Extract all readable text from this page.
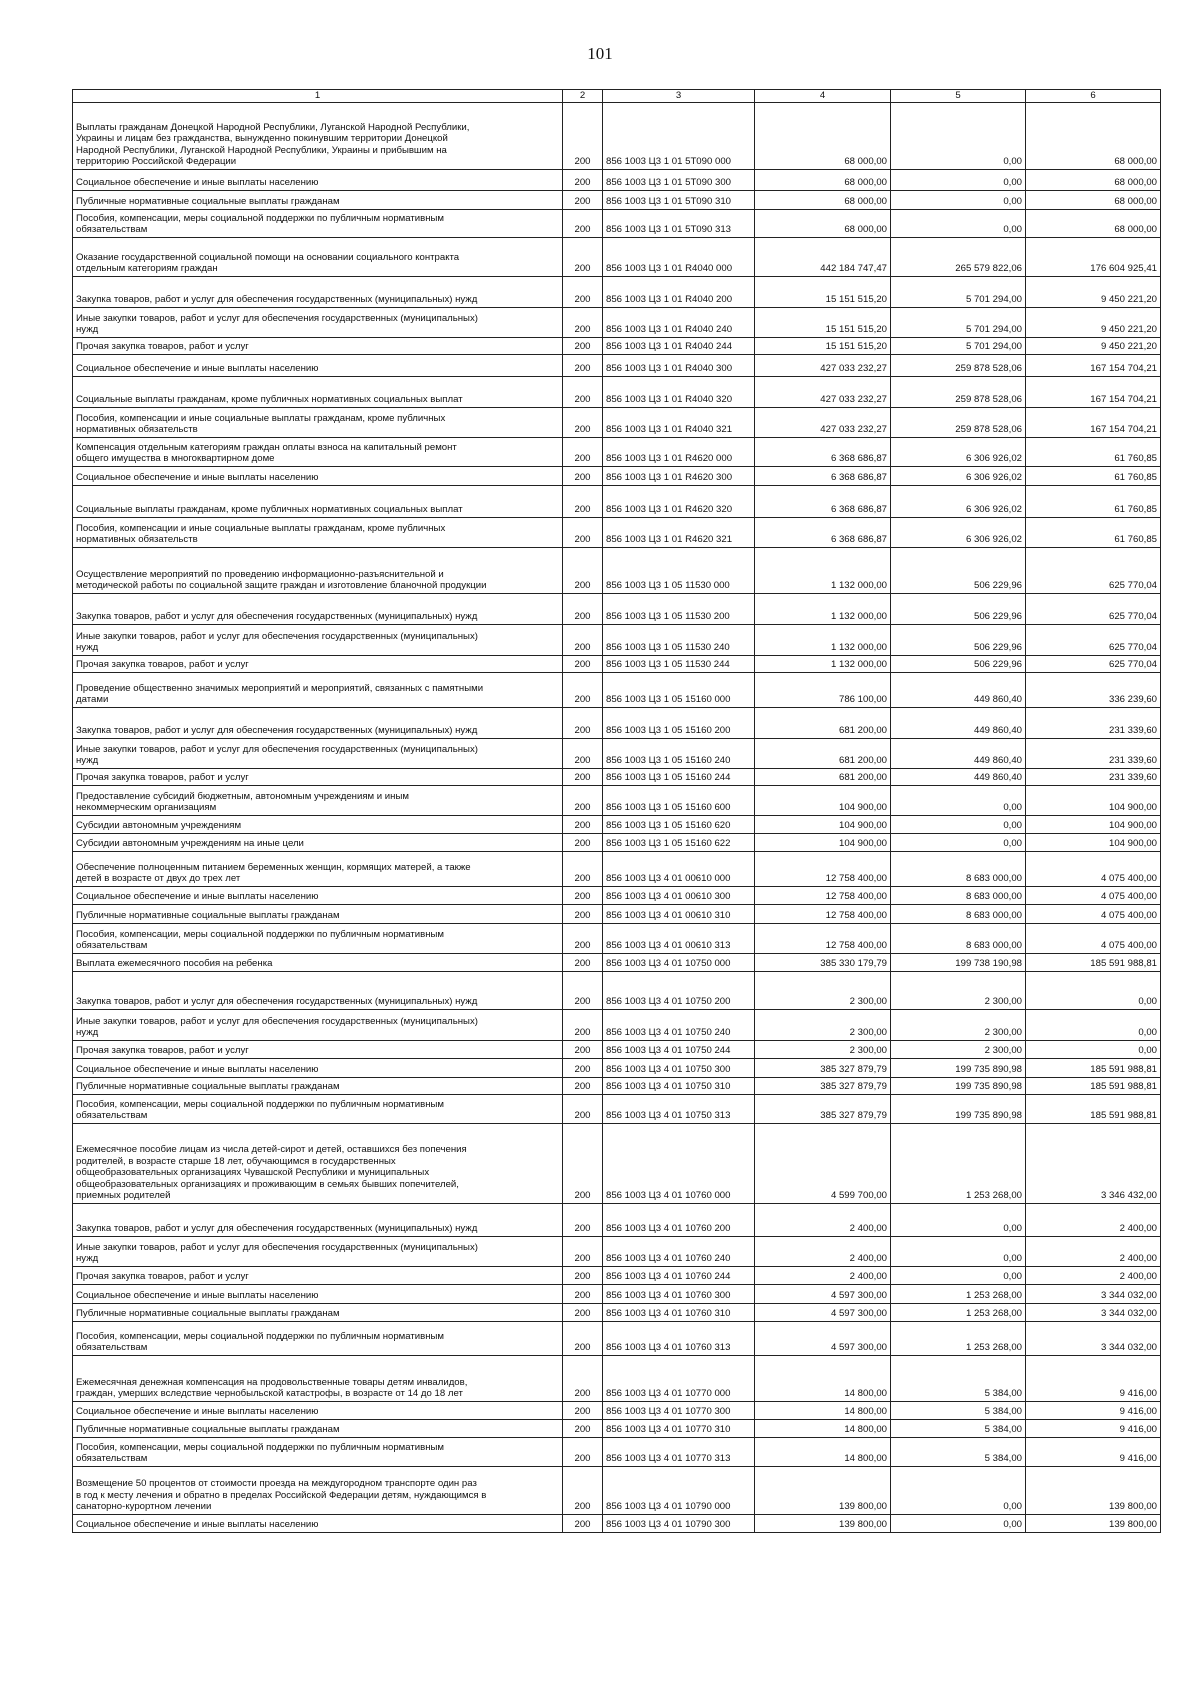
101
1	2	3	4	5	6
Выплаты гражданам Донецкой Народной Республики, Луганской Народной Республики,
Украины и лицам без гражданства, вынужденно покинувшим территории Донецкой
Народной Республики, Луганской Народной Республики, Украины и прибывшим на
территорию Российской Федерации	200	856 1003 Ц3 1 01 5Т090 000	68 000,00	0,00	68 000,00
Социальное обеспечение и иные выплаты населению	200	856 1003 Ц3 1 01 5Т090 300	68 000,00	0,00	68 000,00
Публичные нормативные социальные выплаты гражданам	200	856 1003 Ц3 1 01 5Т090 310	68 000,00	0,00	68 000,00
Пособия, компенсации, меры социальной поддержки по публичным нормативным
обязательствам	200	856 1003 Ц3 1 01 5Т090 313	68 000,00	0,00	68 000,00
Оказание государственной социальной помощи на основании социального контракта
отдельным категориям граждан	200	856 1003 Ц3 1 01 R4040 000	442 184 747,47	265 579 822,06	176 604 925,41
Закупка товаров, работ и услуг для обеспечения государственных (муниципальных) нужд	200	856 1003 Ц3 1 01 R4040 200	15 151 515,20	5 701 294,00	9 450 221,20
Иные закупки товаров, работ и услуг для обеспечения государственных (муниципальных)
нужд	200	856 1003 Ц3 1 01 R4040 240	15 151 515,20	5 701 294,00	9 450 221,20
Прочая закупка товаров, работ и услуг	200	856 1003 Ц3 1 01 R4040 244	15 151 515,20	5 701 294,00	9 450 221,20
Социальное обеспечение и иные выплаты населению	200	856 1003 Ц3 1 01 R4040 300	427 033 232,27	259 878 528,06	167 154 704,21
Социальные выплаты гражданам, кроме публичных нормативных социальных выплат	200	856 1003 Ц3 1 01 R4040 320	427 033 232,27	259 878 528,06	167 154 704,21
Пособия, компенсации и иные социальные выплаты гражданам, кроме публичных
нормативных обязательств	200	856 1003 Ц3 1 01 R4040 321	427 033 232,27	259 878 528,06	167 154 704,21
Компенсация отдельным категориям граждан оплаты взноса на капитальный ремонт
общего имущества в многоквартирном доме	200	856 1003 Ц3 1 01 R4620 000	6 368 686,87	6 306 926,02	61 760,85
Социальное обеспечение и иные выплаты населению	200	856 1003 Ц3 1 01 R4620 300	6 368 686,87	6 306 926,02	61 760,85
Социальные выплаты гражданам, кроме публичных нормативных социальных выплат	200	856 1003 Ц3 1 01 R4620 320	6 368 686,87	6 306 926,02	61 760,85
Пособия, компенсации и иные социальные выплаты гражданам, кроме публичных
нормативных обязательств	200	856 1003 Ц3 1 01 R4620 321	6 368 686,87	6 306 926,02	61 760,85
Осуществление мероприятий по проведению информационно-разъяснительной и
методической работы по социальной защите граждан и изготовление бланочной продукции	200	856 1003 Ц3 1 05 11530 000	1 132 000,00	506 229,96	625 770,04
Закупка товаров, работ и услуг для обеспечения государственных (муниципальных) нужд	200	856 1003 Ц3 1 05 11530 200	1 132 000,00	506 229,96	625 770,04
Иные закупки товаров, работ и услуг для обеспечения государственных (муниципальных)
нужд	200	856 1003 Ц3 1 05 11530 240	1 132 000,00	506 229,96	625 770,04
Прочая закупка товаров, работ и услуг	200	856 1003 Ц3 1 05 11530 244	1 132 000,00	506 229,96	625 770,04
Проведение общественно значимых мероприятий и мероприятий, связанных с памятными
датами	200	856 1003 Ц3 1 05 15160 000	786 100,00	449 860,40	336 239,60
Закупка товаров, работ и услуг для обеспечения государственных (муниципальных) нужд	200	856 1003 Ц3 1 05 15160 200	681 200,00	449 860,40	231 339,60
Иные закупки товаров, работ и услуг для обеспечения государственных (муниципальных)
нужд	200	856 1003 Ц3 1 05 15160 240	681 200,00	449 860,40	231 339,60
Прочая закупка товаров, работ и услуг	200	856 1003 Ц3 1 05 15160 244	681 200,00	449 860,40	231 339,60
Предоставление субсидий бюджетным, автономным учреждениям и иным
некоммерческим организациям	200	856 1003 Ц3 1 05 15160 600	104 900,00	0,00	104 900,00
Субсидии автономным учреждениям	200	856 1003 Ц3 1 05 15160 620	104 900,00	0,00	104 900,00
Субсидии автономным учреждениям на иные цели	200	856 1003 Ц3 1 05 15160 622	104 900,00	0,00	104 900,00
Обеспечение полноценным питанием беременных женщин, кормящих матерей, а также
детей в возрасте от двух до трех лет	200	856 1003 Ц3 4 01 00610 000	12 758 400,00	8 683 000,00	4 075 400,00
Социальное обеспечение и иные выплаты населению	200	856 1003 Ц3 4 01 00610 300	12 758 400,00	8 683 000,00	4 075 400,00
Публичные нормативные социальные выплаты гражданам	200	856 1003 Ц3 4 01 00610 310	12 758 400,00	8 683 000,00	4 075 400,00
Пособия, компенсации, меры социальной поддержки по публичным нормативным
обязательствам	200	856 1003 Ц3 4 01 00610 313	12 758 400,00	8 683 000,00	4 075 400,00
Выплата ежемесячного пособия на ребенка	200	856 1003 Ц3 4 01 10750 000	385 330 179,79	199 738 190,98	185 591 988,81
Закупка товаров, работ и услуг для обеспечения государственных (муниципальных) нужд	200	856 1003 Ц3 4 01 10750 200	2 300,00	2 300,00	0,00
Иные закупки товаров, работ и услуг для обеспечения государственных (муниципальных)
нужд	200	856 1003 Ц3 4 01 10750 240	2 300,00	2 300,00	0,00
Прочая закупка товаров, работ и услуг	200	856 1003 Ц3 4 01 10750 244	2 300,00	2 300,00	0,00
Социальное обеспечение и иные выплаты населению	200	856 1003 Ц3 4 01 10750 300	385 327 879,79	199 735 890,98	185 591 988,81
Публичные нормативные социальные выплаты гражданам	200	856 1003 Ц3 4 01 10750 310	385 327 879,79	199 735 890,98	185 591 988,81
Пособия, компенсации, меры социальной поддержки по публичным нормативным
обязательствам	200	856 1003 Ц3 4 01 10750 313	385 327 879,79	199 735 890,98	185 591 988,81
Ежемесячное пособие лицам из числа детей-сирот и детей, оставшихся без попечения
родителей, в возрасте старше 18 лет, обучающимся в государственных
общеобразовательных организациях Чувашской Республики и муниципальных
общеобразовательных организациях и проживающим в семьях бывших попечителей,
приемных родителей	200	856 1003 Ц3 4 01 10760 000	4 599 700,00	1 253 268,00	3 346 432,00
Закупка товаров, работ и услуг для обеспечения государственных (муниципальных) нужд	200	856 1003 Ц3 4 01 10760 200	2 400,00	0,00	2 400,00
Иные закупки товаров, работ и услуг для обеспечения государственных (муниципальных)
нужд	200	856 1003 Ц3 4 01 10760 240	2 400,00	0,00	2 400,00
Прочая закупка товаров, работ и услуг	200	856 1003 Ц3 4 01 10760 244	2 400,00	0,00	2 400,00
Социальное обеспечение и иные выплаты населению	200	856 1003 Ц3 4 01 10760 300	4 597 300,00	1 253 268,00	3 344 032,00
Публичные нормативные социальные выплаты гражданам	200	856 1003 Ц3 4 01 10760 310	4 597 300,00	1 253 268,00	3 344 032,00
Пособия, компенсации, меры социальной поддержки по публичным нормативным
обязательствам	200	856 1003 Ц3 4 01 10760 313	4 597 300,00	1 253 268,00	3 344 032,00
Ежемесячная денежная компенсация на продовольственные товары детям инвалидов,
граждан, умерших вследствие чернобыльской катастрофы, в возрасте от 14 до 18 лет	200	856 1003 Ц3 4 01 10770 000	14 800,00	5 384,00	9 416,00
Социальное обеспечение и иные выплаты населению	200	856 1003 Ц3 4 01 10770 300	14 800,00	5 384,00	9 416,00
Публичные нормативные социальные выплаты гражданам	200	856 1003 Ц3 4 01 10770 310	14 800,00	5 384,00	9 416,00
Пособия, компенсации, меры социальной поддержки по публичным нормативным
обязательствам	200	856 1003 Ц3 4 01 10770 313	14 800,00	5 384,00	9 416,00
Возмещение 50 процентов от стоимости проезда на междугородном транспорте один раз
в год к месту лечения и обратно в пределах Российской Федерации детям, нуждающимся в
санаторно-курортном лечении	200	856 1003 Ц3 4 01 10790 000	139 800,00	0,00	139 800,00
Социальное обеспечение и иные выплаты населению	200	856 1003 Ц3 4 01 10790 300	139 800,00	0,00	139 800,00
